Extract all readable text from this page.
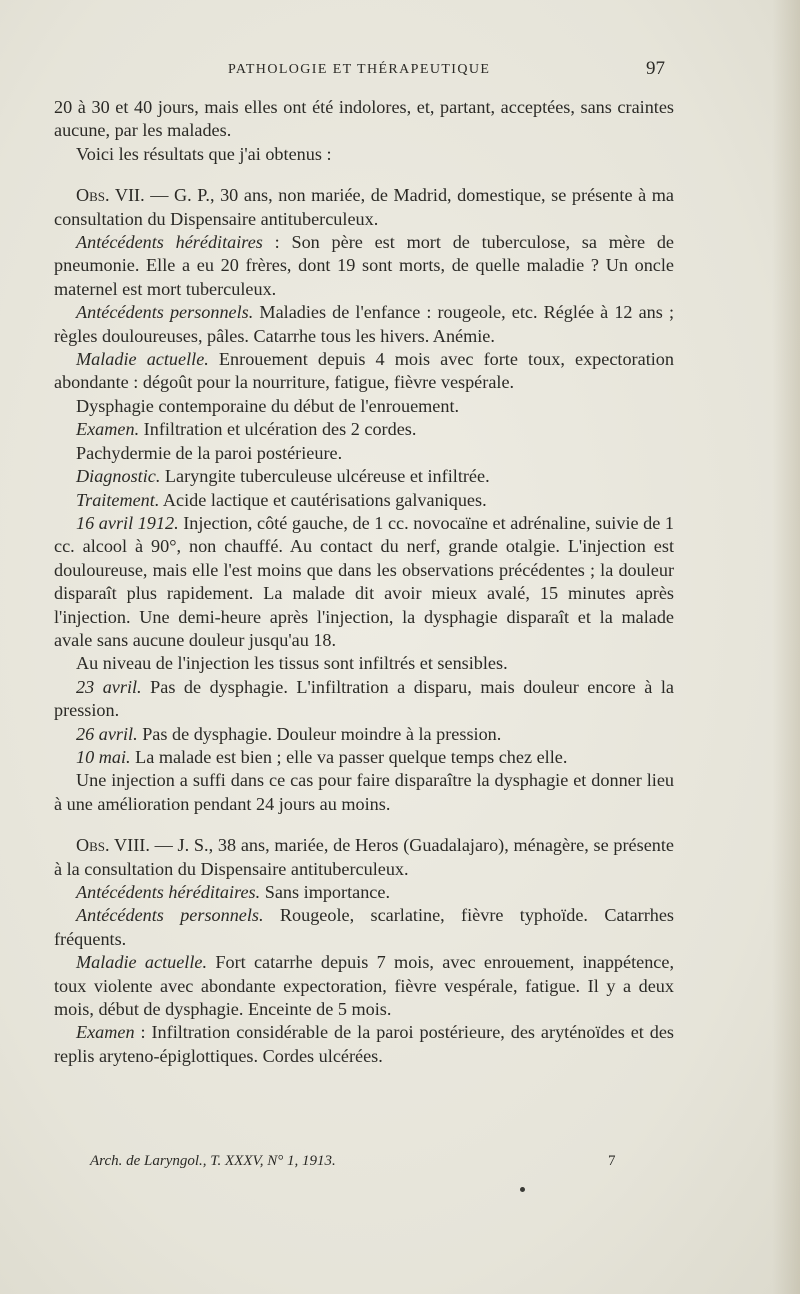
PATHOLOGIE ET THÉRAPEUTIQUE	97

20 à 30 et 40 jours, mais elles ont été indolores, et, partant, acceptées, sans craintes aucune, par les malades.

Voici les résultats que j'ai obtenus :

Obs. VII. — G. P., 30 ans, non mariée, de Madrid, domestique, se présente à ma consultation du Dispensaire antituberculeux.

Antécédents héréditaires : Son père est mort de tuberculose, sa mère de pneumonie. Elle a eu 20 frères, dont 19 sont morts, de quelle maladie ? Un oncle maternel est mort tuberculeux.

Antécédents personnels. Maladies de l'enfance : rougeole, etc. Réglée à 12 ans ; règles douloureuses, pâles. Catarrhe tous les hivers. Anémie.

Maladie actuelle. Enrouement depuis 4 mois avec forte toux, expectoration abondante : dégoût pour la nourriture, fatigue, fièvre vespérale.

Dysphagie contemporaine du début de l'enrouement.

Examen. Infiltration et ulcération des 2 cordes.

Pachydermie de la paroi postérieure.

Diagnostic. Laryngite tuberculeuse ulcéreuse et infiltrée.

Traitement. Acide lactique et cautérisations galvaniques.

16 avril 1912. Injection, côté gauche, de 1 cc. novocaïne et adrénaline, suivie de 1 cc. alcool à 90°, non chauffé. Au contact du nerf, grande otalgie. L'injection est douloureuse, mais elle l'est moins que dans les observations précédentes ; la douleur disparaît plus rapidement. La malade dit avoir mieux avalé, 15 minutes après l'injection. Une demi-heure après l'injection, la dysphagie disparaît et la malade avale sans aucune douleur jusqu'au 18.

Au niveau de l'injection les tissus sont infiltrés et sensibles.

23 avril. Pas de dysphagie. L'infiltration a disparu, mais douleur encore à la pression.

26 avril. Pas de dysphagie. Douleur moindre à la pression.

10 mai. La malade est bien ; elle va passer quelque temps chez elle.

Une injection a suffi dans ce cas pour faire disparaître la dysphagie et donner lieu à une amélioration pendant 24 jours au moins.

Obs. VIII. — J. S., 38 ans, mariée, de Heros (Guadalajaro), ménagère, se présente à la consultation du Dispensaire antituberculeux.

Antécédents héréditaires. Sans importance.

Antécédents personnels. Rougeole, scarlatine, fièvre typhoïde. Catarrhes fréquents.

Maladie actuelle. Fort catarrhe depuis 7 mois, avec enrouement, inappétence, toux violente avec abondante expectoration, fièvre vespérale, fatigue. Il y a deux mois, début de dysphagie. Enceinte de 5 mois.

Examen : Infiltration considérable de la paroi postérieure, des aryténoïdes et des replis aryteno-épiglottiques. Cordes ulcérées.

Arch. de Laryngol., T. XXXV, N° 1, 1913.	7
